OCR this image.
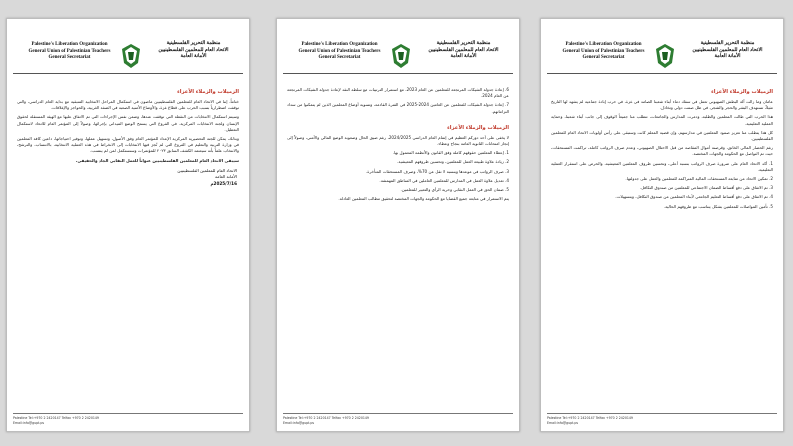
Palestine's Liberation Organization
General Union of Palestinian Teachers
General Secretariat
منظمة التحرير الفلسطينية
الاتحاد العام للمعلمين الفلسطينيين
الأمانة العامة
الزميلات والزملاء الأعزاء

ختاماً، إننا في الاتحاد العام للمعلمين الفلسطينيين ماضون في استكمال المراحل الانتخابية المتبقية مع بداية العام الدراسي، والتي توقفت اضطرارياً بسبب الحرب على قطاع غزة، والأوضاع الأمنية الصعبة في الضفة الغربية، والحواجز والإغلاقات.

وسيتم استكمال الانتخابات من النقطة التي توقفت عندها، وضمن نفس الإجراءات التي تم الاتفاق عليها مع الهيئة المستقلة لحقوق الإنسان ولجنة الانتخابات المركزية. في الفروع التي يسمح الوضع الميداني بإجرائها، وصولاً إلى المؤتمر العام للاتحاد لاستكمال التعطيل.

وبذلك، يمكن للجنة التحضيرية المركزية الإعداد للمؤتمر العام وفق الأصول، وتسهيل عملها، وتوفير احتياجاتها، داعين كافة المعلمين في وزارة التربية والتعليم في الفروع التي لم تُجرَ فيها الانتخابات إلى الانخراط في هذه العملية الانتخابية، بالانتساب، والترشح، والانتخاب علماً بأنه سيعتمد الكشف السابق ٢٠٢٣ للمؤتمرات وسنستكمل لمن لم ينتسب.

سيبقى الاتحاد العام للمعلمين الفلسطينيين عنواناً للعمل النقابي الجاد والحقيقي.

الاتحاد العام للمعلمين الفلسطينيين
الأمانة العامة
2025/7/16م
Palestine Tel:+970 2 2420147 Telfax +970 2 2420149
Email:info@gupt.ps
Palestine's Liberation Organization
General Union of Palestinian Teachers
General Secretariat
منظمة التحرير الفلسطينية
الاتحاد العام للمعلمين الفلسطينيين
الأمانة العامة

6. إعادة جدولة الشيكات المرتجعة للمعلمين عن العام 2023، مع استمرار الترتيبات مع سلطة النقد لإعادة جدولة الشيكات المرتجعة عن العام 2024.

7. إعادة جدولة الشيكات للمعلمين عن العامين 2024-2025 في الفترة القادمة، وتسوية أوضاع المعلمين الذين لم يتمكنوا من سداد التزاماتهم.

الزميلات والزملاء الأعزاء

لا يخفى على أحد دوركم العظيم في إتمام العام الدراسي 2024/2025، رغم ضيق الحال وصعوبة الوضع المالي والأمني، وصولاً إلى إنجاز امتحانات الثانوية العامة بنجاح وعطاء.

1. إعطاء المعلمين حقوقهم كاملة وفق القانون والأنظمة المعمول بها.

2. زيادة علاوة طبيعة العمل للمعلمين، وتحسين ظروفهم المعيشية.

3. صرف الرواتب في موعدها وبنسبة لا تقل عن 70%، وصرف المستحقات المتأخرة.

4. تعديل علاوة العمل في المدارس للمعلمين العاملين في المناطق المهمشة.

5. ضمان الحق في العمل النقابي وحرية الرأي والتعبير للمعلمين.

يتم الاستمرار في متابعة جميع القضايا مع الحكومة والجهات المختصة لتحقيق مطالب المعلمين العادلة.

Palestine Tel:+970 2 2420147 Telfax +970 2 2420149
Email:info@gupt.ps
Palestine's Liberation Organization
General Union of Palestinian Teachers
General Secretariat
منظمة التحرير الفلسطينية
الاتحاد العام للمعلمين الفلسطينيين
الأمانة العامة
الزميلات والزملاء الأعزاء

عامان وما زالت آلة البطش الصهيوني تعمل في سفك دماء أبناء شعبنا الصامد في غزة، في حرب إبادة جماعية لم يشهد لها التاريخ مثيلاً، تستهدف البشر والحجر والشجر، في ظل صمت دولي وتخاذل.

هذا الحرب التي طالت المعلمين والطلبة، ودمرت المدارس والجامعات، تتطلب منا جميعاً الوقوف إلى جانب أبناء شعبنا، وحماية العملية التعليمية.

كل هذا يتطلب منا تعزيز صمود المعلمين في مدارسهم، وإن قضية المعلم كانت وستبقى على رأس أولويات الاتحاد العام للمعلمين الفلسطينيين.

رغم الحصار المالي الخانق، وقرصنة أموال المقاصة من قبل الاحتلال الصهيوني، وعدم صرف الرواتب كاملة، تراكمت المستحقات، حيث تم التواصل مع الحكومة والجهات المختصة.

1. أكد الاتحاد العام على ضرورة صرف الرواتب بنسبة أعلى، وتحسين ظروف المعلمين المعيشية، والحرص على استقرار العملية التعليمية.

2. تمكين الاتحاد من متابعة المستحقات المالية المتراكمة للمعلمين والعمل على جدولتها.

3. تم الاتفاق على دفع أقساط الضمان الاجتماعي للمعلمين من صندوق التكافل.

4. تم الاتفاق على دفع أقساط التعليم الجامعي لأبناء المعلمين من صندوق التكافل، وبتسهيلات.

5. تأمين المواصلات للمعلمين بشكل يتناسب مع ظروفهم الحالية.

Palestine Tel:+970 2 2420147 Telfax +970 2 2420149
Email:info@gupt.ps
